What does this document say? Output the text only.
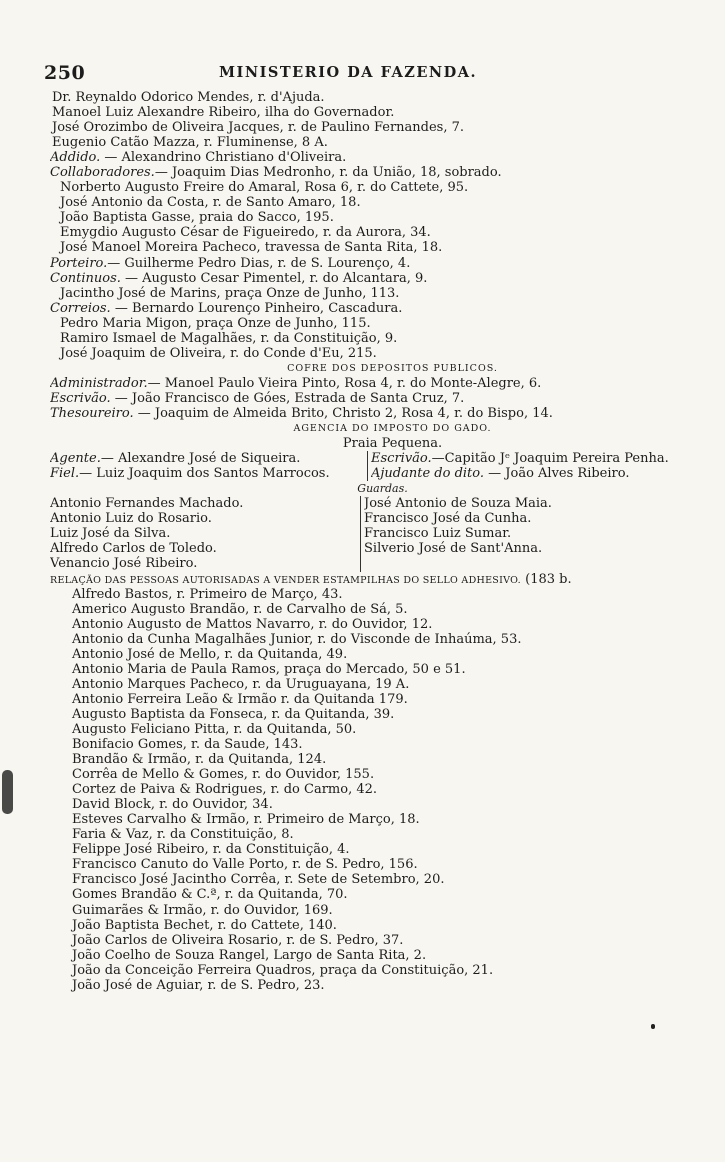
250	MINISTERIO DA FAZENDA.
Dr. Reynaldo Odorico Mendes, r. d'Ajuda.
Manoel Luiz Alexandre Ribeiro, ilha do Governador.
José Orozimbo de Oliveira Jacques, r. de Paulino Fernandes, 7.
Eugenio Catão Mazza, r. Fluminense, 8 A.
Addido. — Alexandrino Christiano d'Oliveira.
Collaboradores.— Joaquim Dias Medronho, r. da União, 18, sobrado.
Norberto Augusto Freire do Amaral, Rosa 6, r. do Cattete, 95.
José Antonio da Costa, r. de Santo Amaro, 18.
João Baptista Gasse, praia do Sacco, 195.
Emygdio Augusto César de Figueiredo, r. da Aurora, 34.
José Manoel Moreira Pacheco, travessa de Santa Rita, 18.
Porteiro.— Guilherme Pedro Dias, r. de S. Lourenço, 4.
Continuos. — Augusto Cesar Pimentel, r. do Alcantara, 9.
Jacintho José de Marins, praça Onze de Junho, 113.
Correios. — Bernardo Lourenço Pinheiro, Cascadura.
Pedro Maria Migon, praça Onze de Junho, 115.
Ramiro Ismael de Magalhães, r. da Constituição, 9.
José Joaquim de Oliveira, r. do Conde d'Eu, 215.
COFRE DOS DEPOSITOS PUBLICOS.
Administrador.— Manoel Paulo Vieira Pinto, Rosa 4, r. do Monte-Alegre, 6.
Escrivão. — João Francisco de Góes, Estrada de Santa Cruz, 7.
Thesoureiro. — Joaquim de Almeida Brito, Christo 2, Rosa 4, r. do Bispo, 14.
AGENCIA DO IMPOSTO DO GADO.
Praia Pequena.
Agente.— Alexandre José de Siqueira.
Fiel.— Luiz Joaquim dos Santos Marrocos.
Escrivão.—Capitão Jᵉ Joaquim Pereira Penha.
Ajudante do dito. — João Alves Ribeiro.
Guardas.
Antonio Fernandes Machado.
Antonio Luiz do Rosario.
Luiz José da Silva.
Alfredo Carlos de Toledo.
Venancio José Ribeiro.
José Antonio de Souza Maia.
Francisco José da Cunha.
Francisco Luiz Sumar.
Silverio José de Sant'Anna.
RELAÇÃO DAS PESSOAS AUTORISADAS A VENDER ESTAMPILHAS DO SELLO ADHESIVO. (183 b.
Alfredo Bastos, r. Primeiro de Março, 43.
Americo Augusto Brandão, r. de Carvalho de Sá, 5.
Antonio Augusto de Mattos Navarro, r. do Ouvidor, 12.
Antonio da Cunha Magalhães Junior, r. do Visconde de Inhaúma, 53.
Antonio José de Mello, r. da Quitanda, 49.
Antonio Maria de Paula Ramos, praça do Mercado, 50 e 51.
Antonio Marques Pacheco, r. da Uruguayana, 19 A.
Antonio Ferreira Leão & Irmão r. da Quitanda 179.
Augusto Baptista da Fonseca, r. da Quitanda, 39.
Augusto Feliciano Pitta, r. da Quitanda, 50.
Bonifacio Gomes, r. da Saude, 143.
Brandão & Irmão, r. da Quitanda, 124.
Corrêa de Mello & Gomes, r. do Ouvidor, 155.
Cortez de Paiva & Rodrigues, r. do Carmo, 42.
David Block, r. do Ouvidor, 34.
Esteves Carvalho & Irmão, r. Primeiro de Março, 18.
Faria & Vaz, r. da Constituição, 8.
Felippe José Ribeiro, r. da Constituição, 4.
Francisco Canuto do Valle Porto, r. de S. Pedro, 156.
Francisco José Jacintho Corrêa, r. Sete de Setembro, 20.
Gomes Brandão & C.ª, r. da Quitanda, 70.
Guimarães & Irmão, r. do Ouvidor, 169.
João Baptista Bechet, r. do Cattete, 140.
João Carlos de Oliveira Rosario, r. de S. Pedro, 37.
João Coelho de Souza Rangel, Largo de Santa Rita, 2.
João da Conceição Ferreira Quadros, praça da Constituição, 21.
João José de Aguiar, r. de S. Pedro, 23.
